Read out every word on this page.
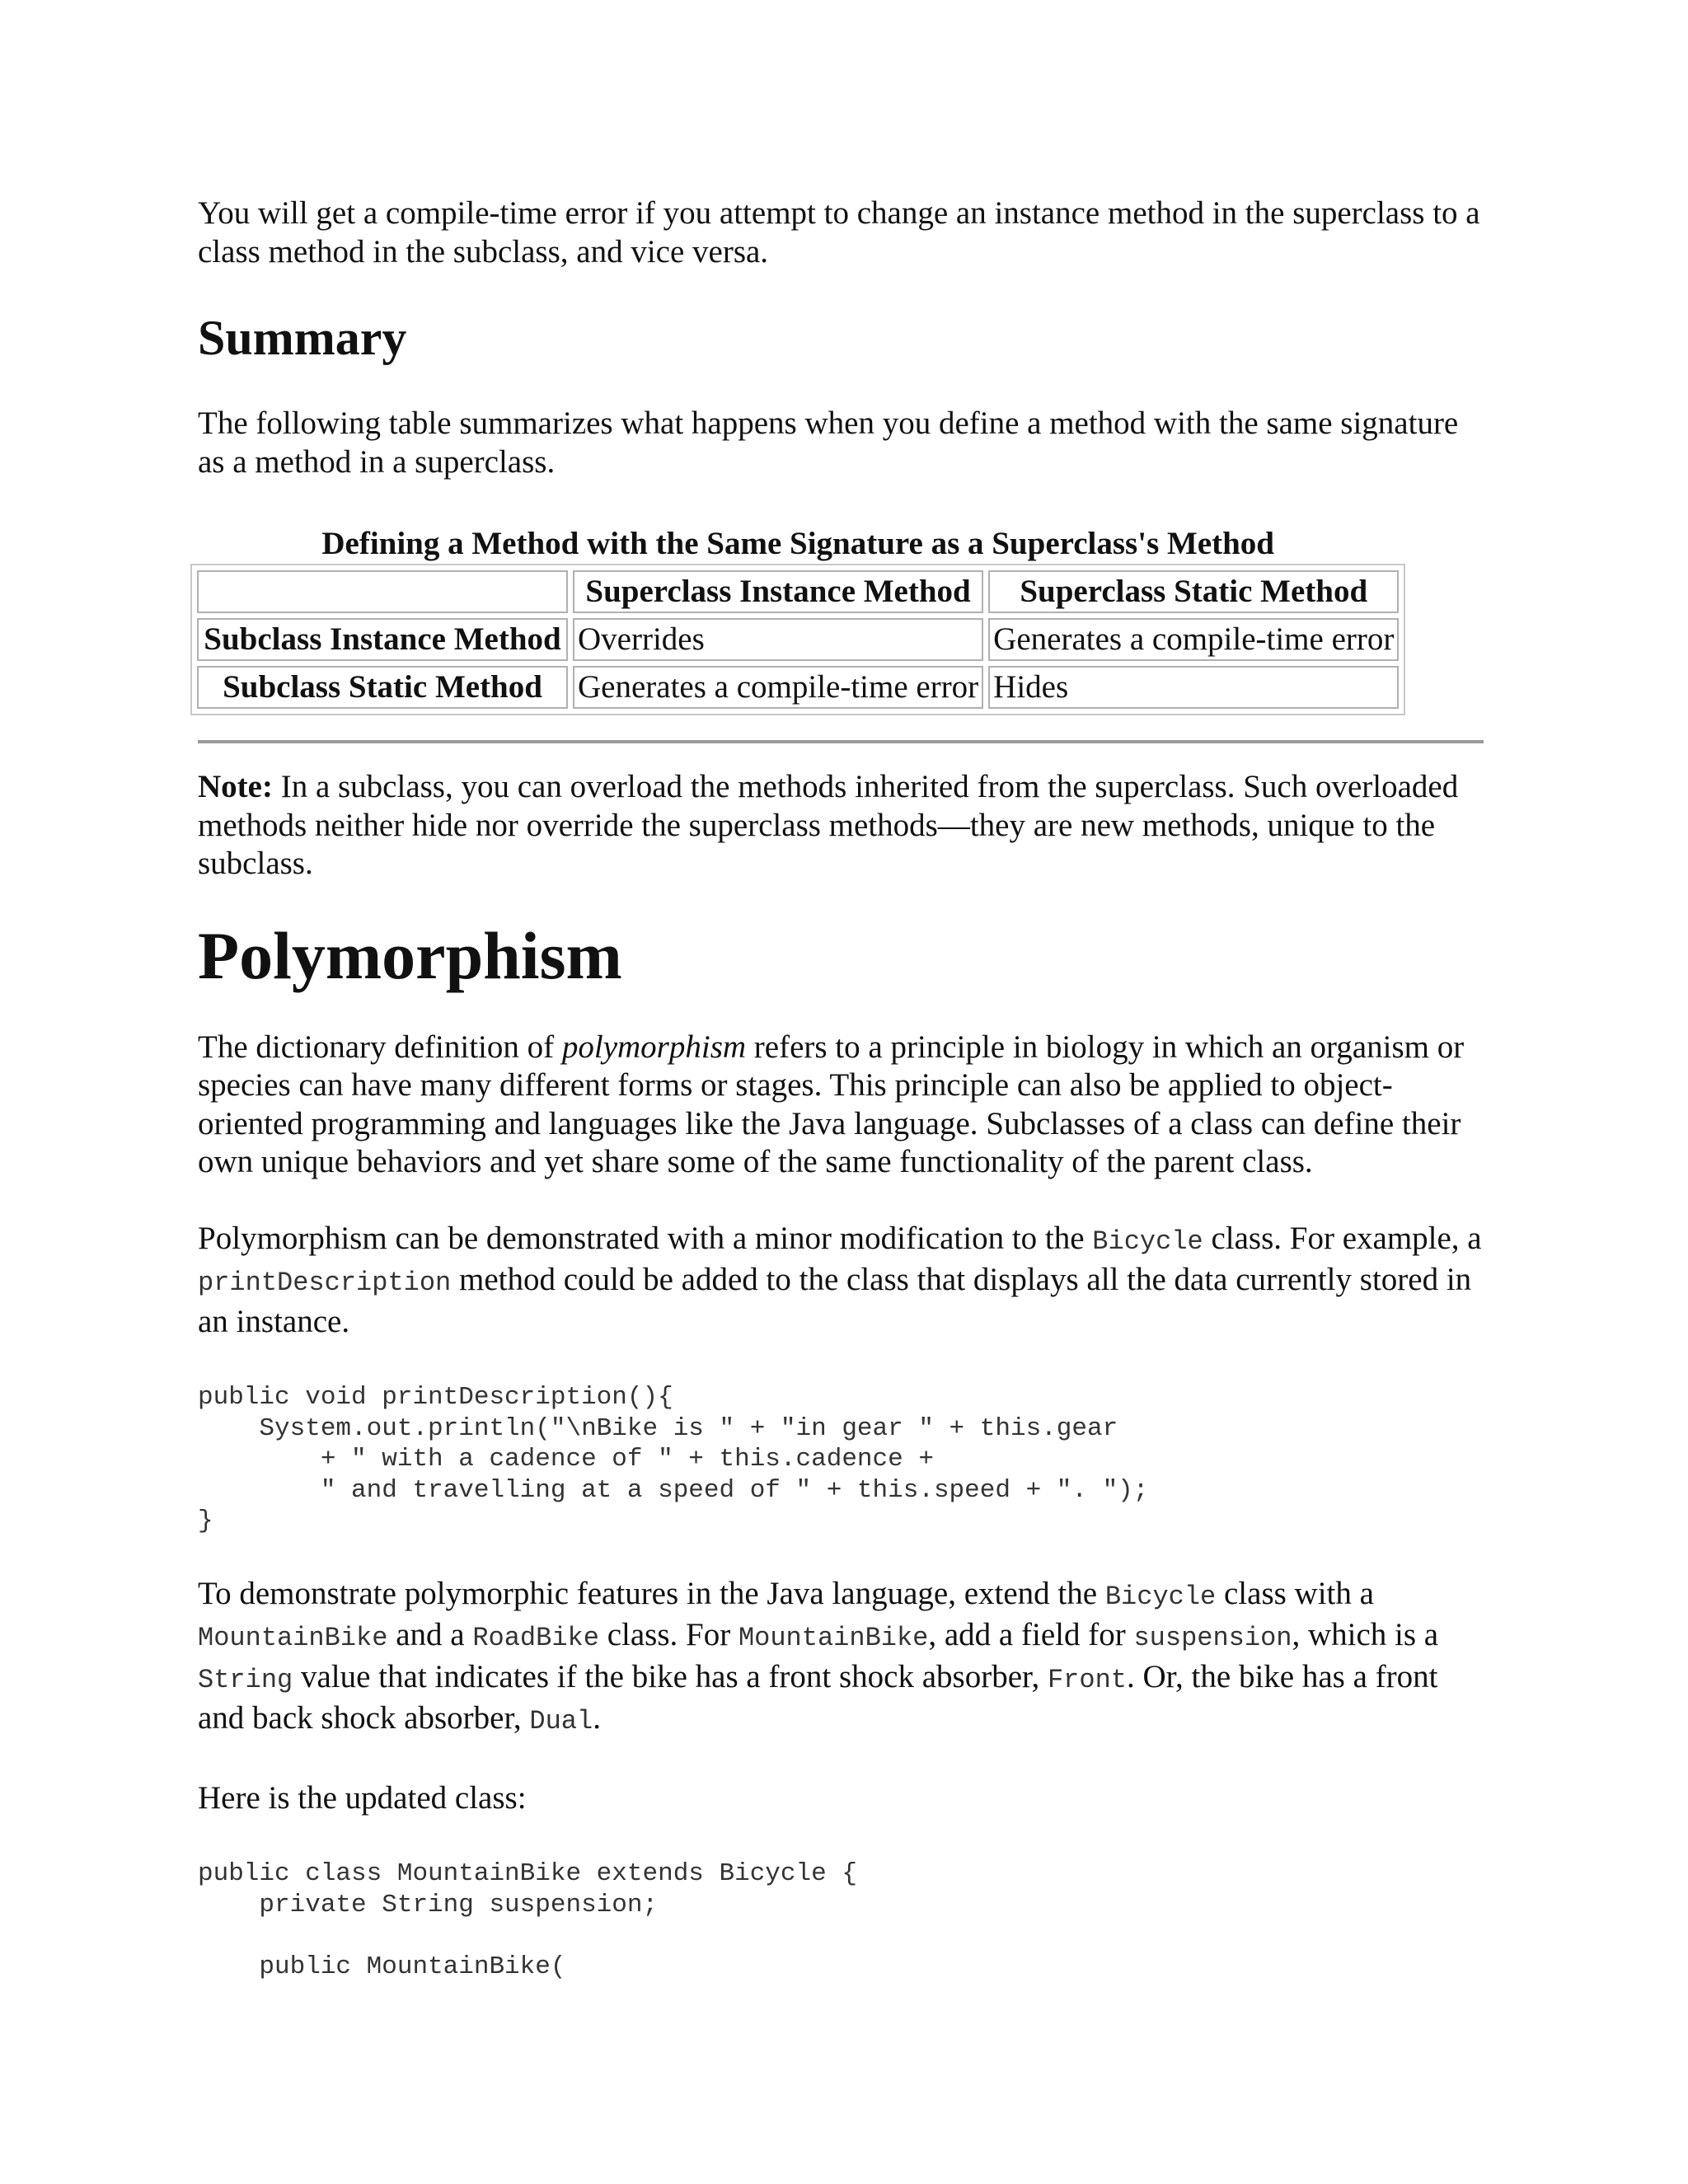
You will get a compile-time error if you attempt to change an instance method in the superclass to a class method in the subclass, and vice versa.

Summary

The following table summarizes what happens when you define a method with the same signature as a method in a superclass.

Defining a Method with the Same Signature as a Superclass's Method
	Superclass Instance Method	Superclass Static Method
Subclass Instance Method	Overrides	Generates a compile-time error
Subclass Static Method	Generates a compile-time error	Hides

Note: In a subclass, you can overload the methods inherited from the superclass. Such overloaded methods neither hide nor override the superclass methods—they are new methods, unique to the subclass.

Polymorphism

The dictionary definition of polymorphism refers to a principle in biology in which an organism or species can have many different forms or stages. This principle can also be applied to object-oriented programming and languages like the Java language. Subclasses of a class can define their own unique behaviors and yet share some of the same functionality of the parent class.

Polymorphism can be demonstrated with a minor modification to the Bicycle class. For example, a printDescription method could be added to the class that displays all the data currently stored in an instance.

public void printDescription(){
System.out.println("\nBike is " + "in gear " + this.gear
+ " with a cadence of " + this.cadence +
" and travelling at a speed of " + this.speed + ". ");
}

To demonstrate polymorphic features in the Java language, extend the Bicycle class with a MountainBike and a RoadBike class. For MountainBike, add a field for suspension, which is a String value that indicates if the bike has a front shock absorber, Front. Or, the bike has a front and back shock absorber, Dual.

Here is the updated class:

public class MountainBike extends Bicycle {
private String suspension;

public MountainBike(
